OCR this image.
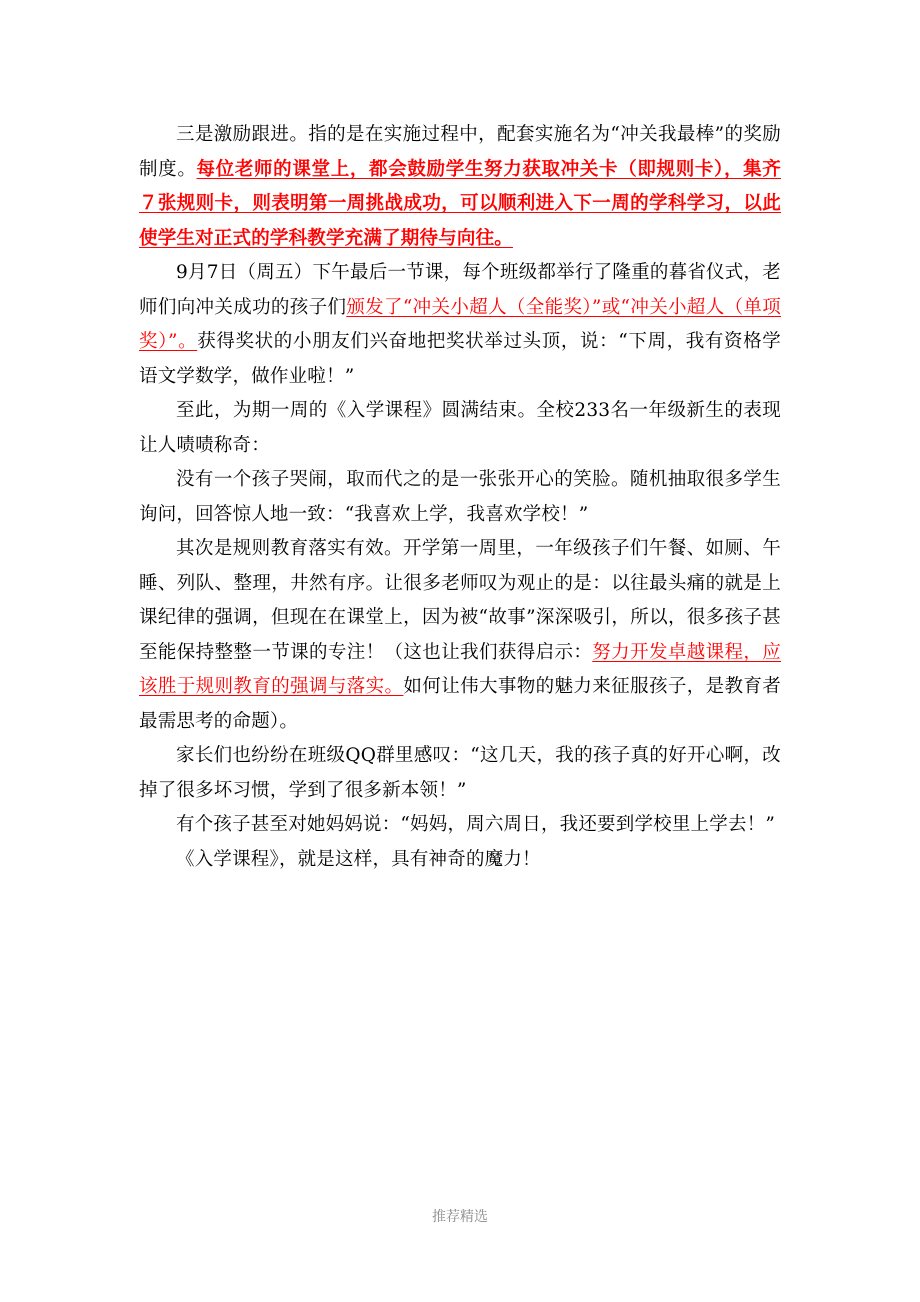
三是激励跟进。指的是在实施过程中，配套实施名为“冲关我最棒”的奖励制度。每位老师的课堂上，都会鼓励学生努力获取冲关卡（即规则卡），集齐７张规则卡，则表明第一周挑战成功，可以顺利进入下一周的学科学习，以此使学生对正式的学科教学充满了期待与向往。

9月7日（周五）下午最后一节课，每个班级都举行了隆重的暮省仪式，老师们向冲关成功的孩子们颁发了“冲关小超人（全能奖）”或“冲关小超人（单项奖）”。获得奖状的小朋友们兴奋地把奖状举过头顶，说：“下周，我有资格学语文学数学，做作业啦！”

至此，为期一周的《入学课程》圆满结束。全校233名一年级新生的表现让人啧啧称奇：

没有一个孩子哭闹，取而代之的是一张张开心的笑脸。随机抽取很多学生询问，回答惊人地一致：“我喜欢上学，我喜欢学校！”

其次是规则教育落实有效。开学第一周里，一年级孩子们午餐、如厕、午睡、列队、整理，井然有序。让很多老师叹为观止的是：以往最头痛的就是上课纪律的强调，但现在在课堂上，因为被“故事”深深吸引，所以，很多孩子甚至能保持整整一节课的专注！（这也让我们获得启示：努力开发卓越课程，应该胜于规则教育的强调与落实。如何让伟大事物的魅力来征服孩子，是教育者最需思考的命题）。

家长们也纷纷在班级QQ群里感叹：“这几天，我的孩子真的好开心啊，改掉了很多坏习惯，学到了很多新本领！”

有个孩子甚至对她妈妈说：“妈妈，周六周日，我还要到学校里上学去！”

《入学课程》，就是这样，具有神奇的魔力！

推荐精选
